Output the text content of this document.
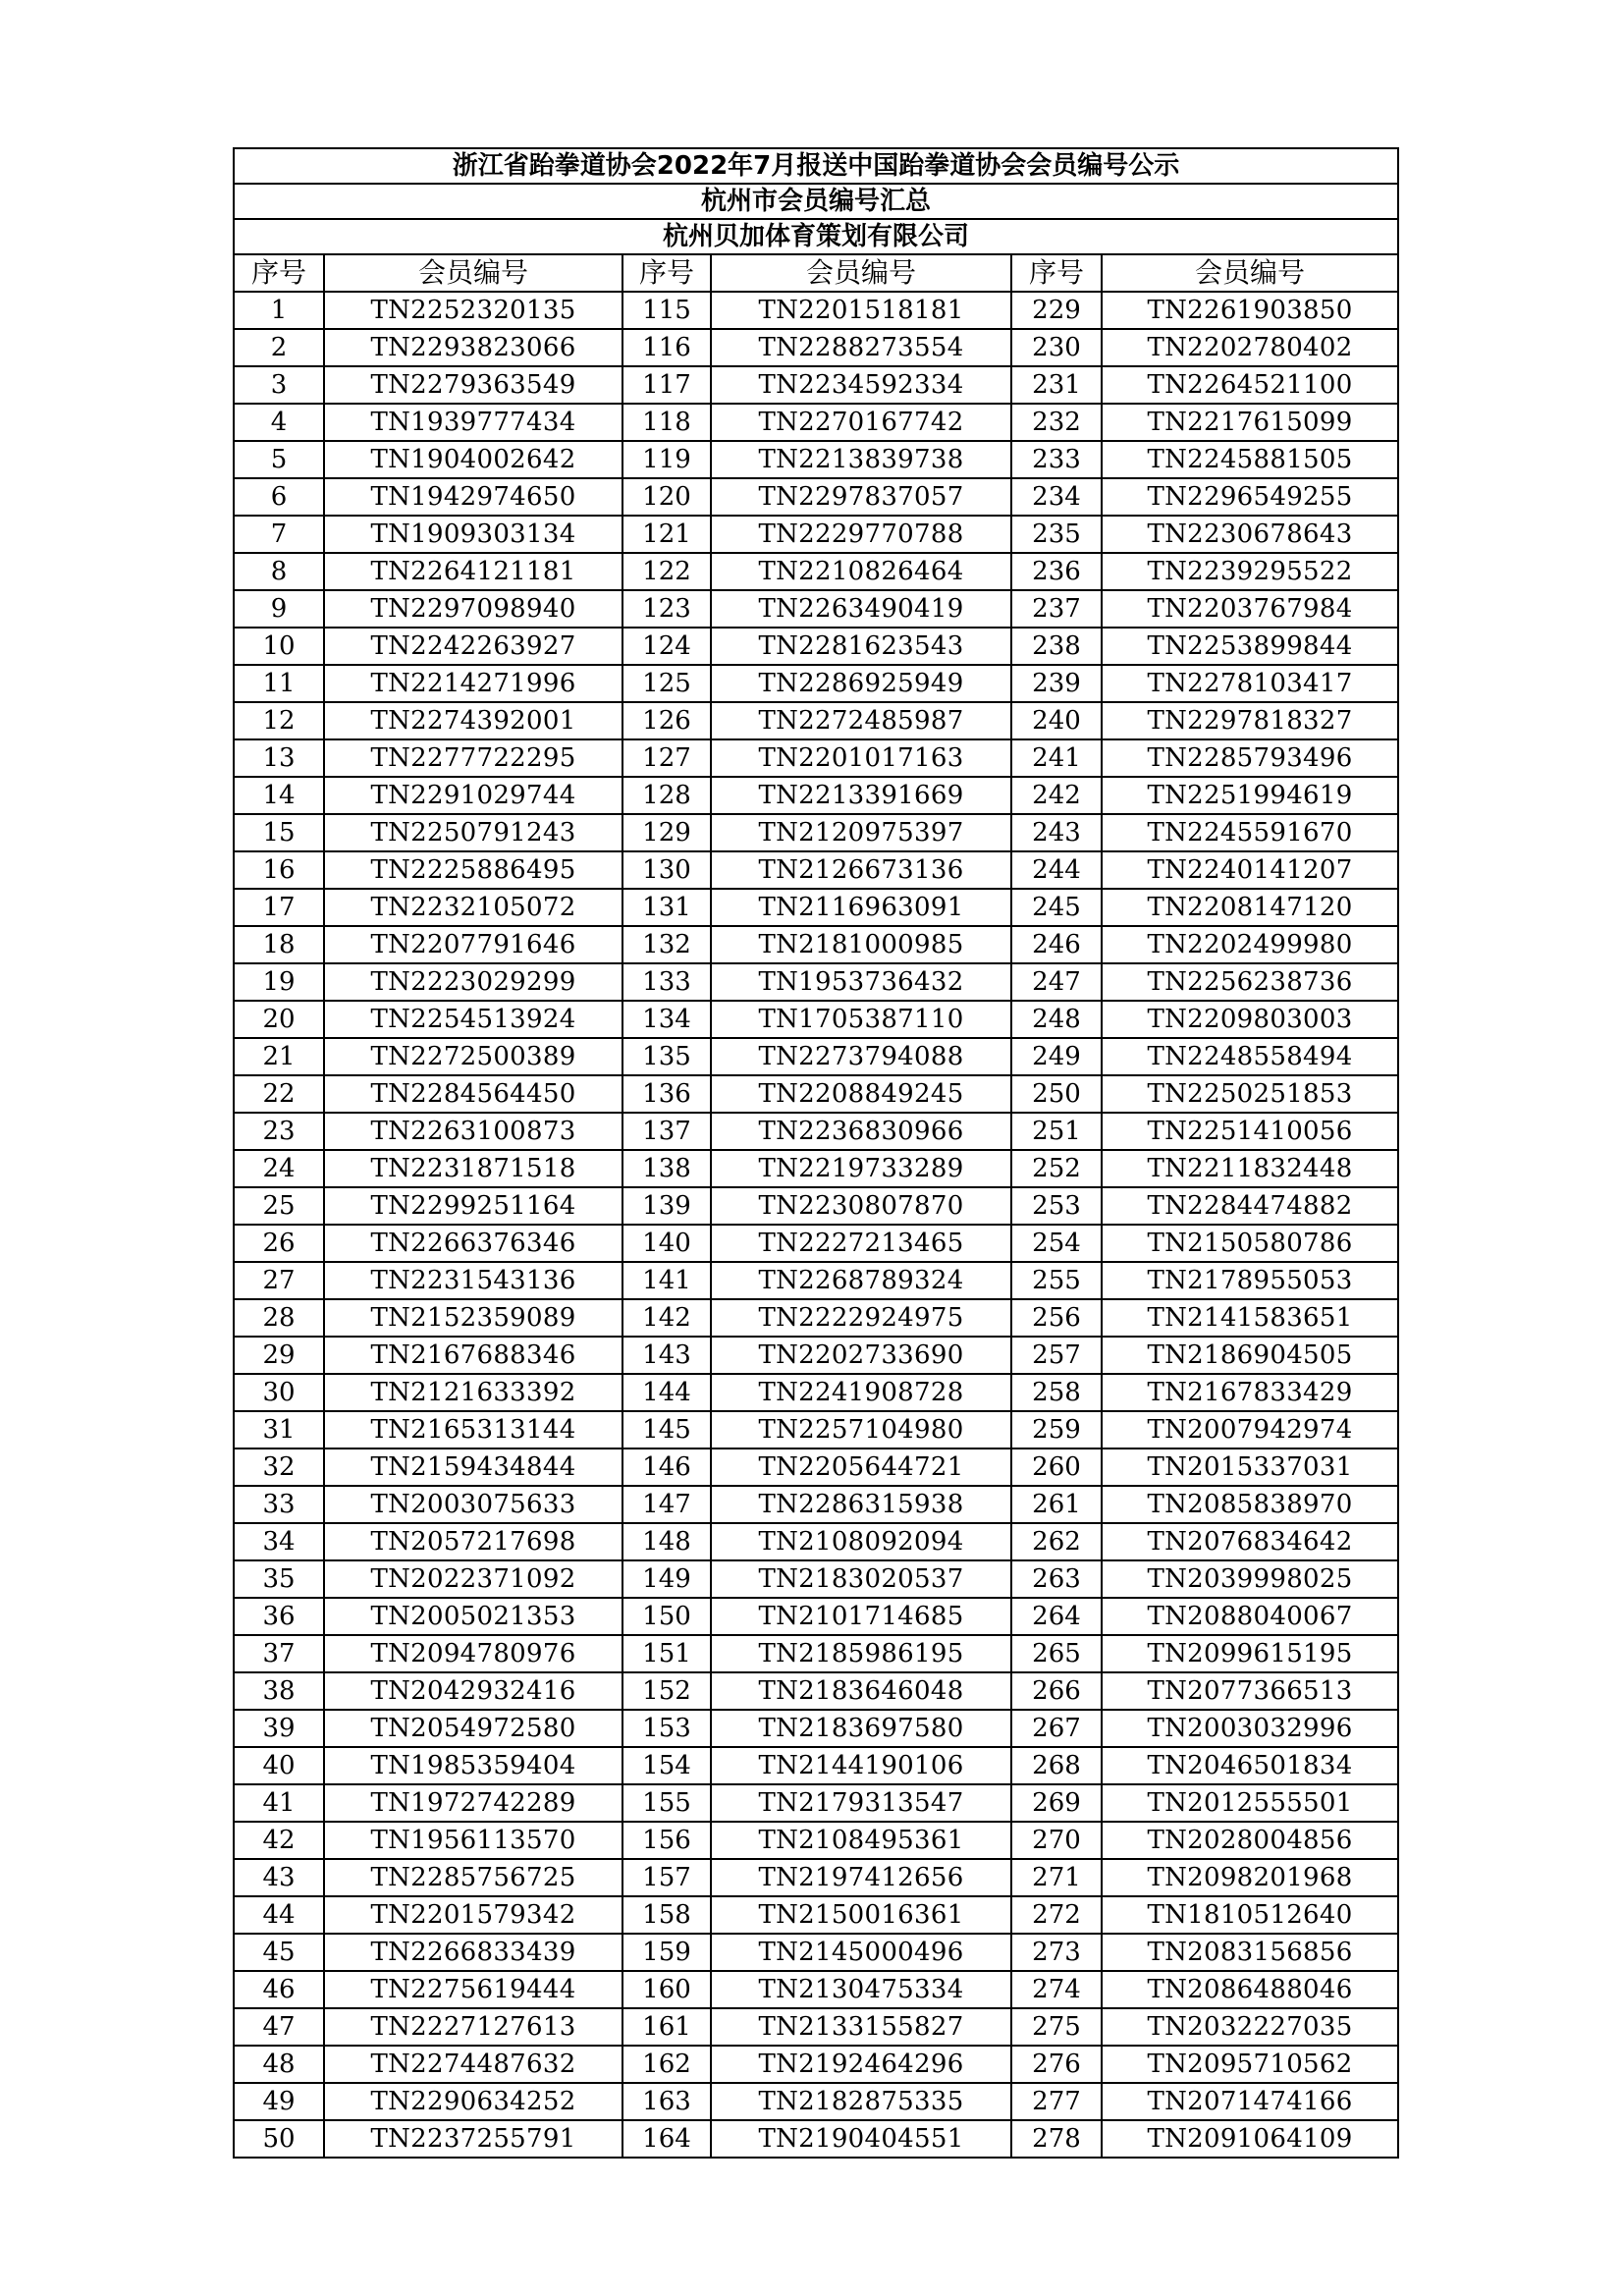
浙江省跆拳道协会2022年7月报送中国跆拳道协会会员编号公示					
杭州市会员编号汇总					
杭州贝加体育策划有限公司					
序号	会员编号	序号	会员编号	序号	会员编号
1	TN2252320135	115	TN2201518181	229	TN2261903850
2	TN2293823066	116	TN2288273554	230	TN2202780402
3	TN2279363549	117	TN2234592334	231	TN2264521100
4	TN1939777434	118	TN2270167742	232	TN2217615099
5	TN1904002642	119	TN2213839738	233	TN2245881505
6	TN1942974650	120	TN2297837057	234	TN2296549255
7	TN1909303134	121	TN2229770788	235	TN2230678643
8	TN2264121181	122	TN2210826464	236	TN2239295522
9	TN2297098940	123	TN2263490419	237	TN2203767984
10	TN2242263927	124	TN2281623543	238	TN2253899844
11	TN2214271996	125	TN2286925949	239	TN2278103417
12	TN2274392001	126	TN2272485987	240	TN2297818327
13	TN2277722295	127	TN2201017163	241	TN2285793496
14	TN2291029744	128	TN2213391669	242	TN2251994619
15	TN2250791243	129	TN2120975397	243	TN2245591670
16	TN2225886495	130	TN2126673136	244	TN2240141207
17	TN2232105072	131	TN2116963091	245	TN2208147120
18	TN2207791646	132	TN2181000985	246	TN2202499980
19	TN2223029299	133	TN1953736432	247	TN2256238736
20	TN2254513924	134	TN1705387110	248	TN2209803003
21	TN2272500389	135	TN2273794088	249	TN2248558494
22	TN2284564450	136	TN2208849245	250	TN2250251853
23	TN2263100873	137	TN2236830966	251	TN2251410056
24	TN2231871518	138	TN2219733289	252	TN2211832448
25	TN2299251164	139	TN2230807870	253	TN2284474882
26	TN2266376346	140	TN2227213465	254	TN2150580786
27	TN2231543136	141	TN2268789324	255	TN2178955053
28	TN2152359089	142	TN2222924975	256	TN2141583651
29	TN2167688346	143	TN2202733690	257	TN2186904505
30	TN2121633392	144	TN2241908728	258	TN2167833429
31	TN2165313144	145	TN2257104980	259	TN2007942974
32	TN2159434844	146	TN2205644721	260	TN2015337031
33	TN2003075633	147	TN2286315938	261	TN2085838970
34	TN2057217698	148	TN2108092094	262	TN2076834642
35	TN2022371092	149	TN2183020537	263	TN2039998025
36	TN2005021353	150	TN2101714685	264	TN2088040067
37	TN2094780976	151	TN2185986195	265	TN2099615195
38	TN2042932416	152	TN2183646048	266	TN2077366513
39	TN2054972580	153	TN2183697580	267	TN2003032996
40	TN1985359404	154	TN2144190106	268	TN2046501834
41	TN1972742289	155	TN2179313547	269	TN2012555501
42	TN1956113570	156	TN2108495361	270	TN2028004856
43	TN2285756725	157	TN2197412656	271	TN2098201968
44	TN2201579342	158	TN2150016361	272	TN1810512640
45	TN2266833439	159	TN2145000496	273	TN2083156856
46	TN2275619444	160	TN2130475334	274	TN2086488046
47	TN2227127613	161	TN2133155827	275	TN2032227035
48	TN2274487632	162	TN2192464296	276	TN2095710562
49	TN2290634252	163	TN2182875335	277	TN2071474166
50	TN2237255791	164	TN2190404551	278	TN2091064109
